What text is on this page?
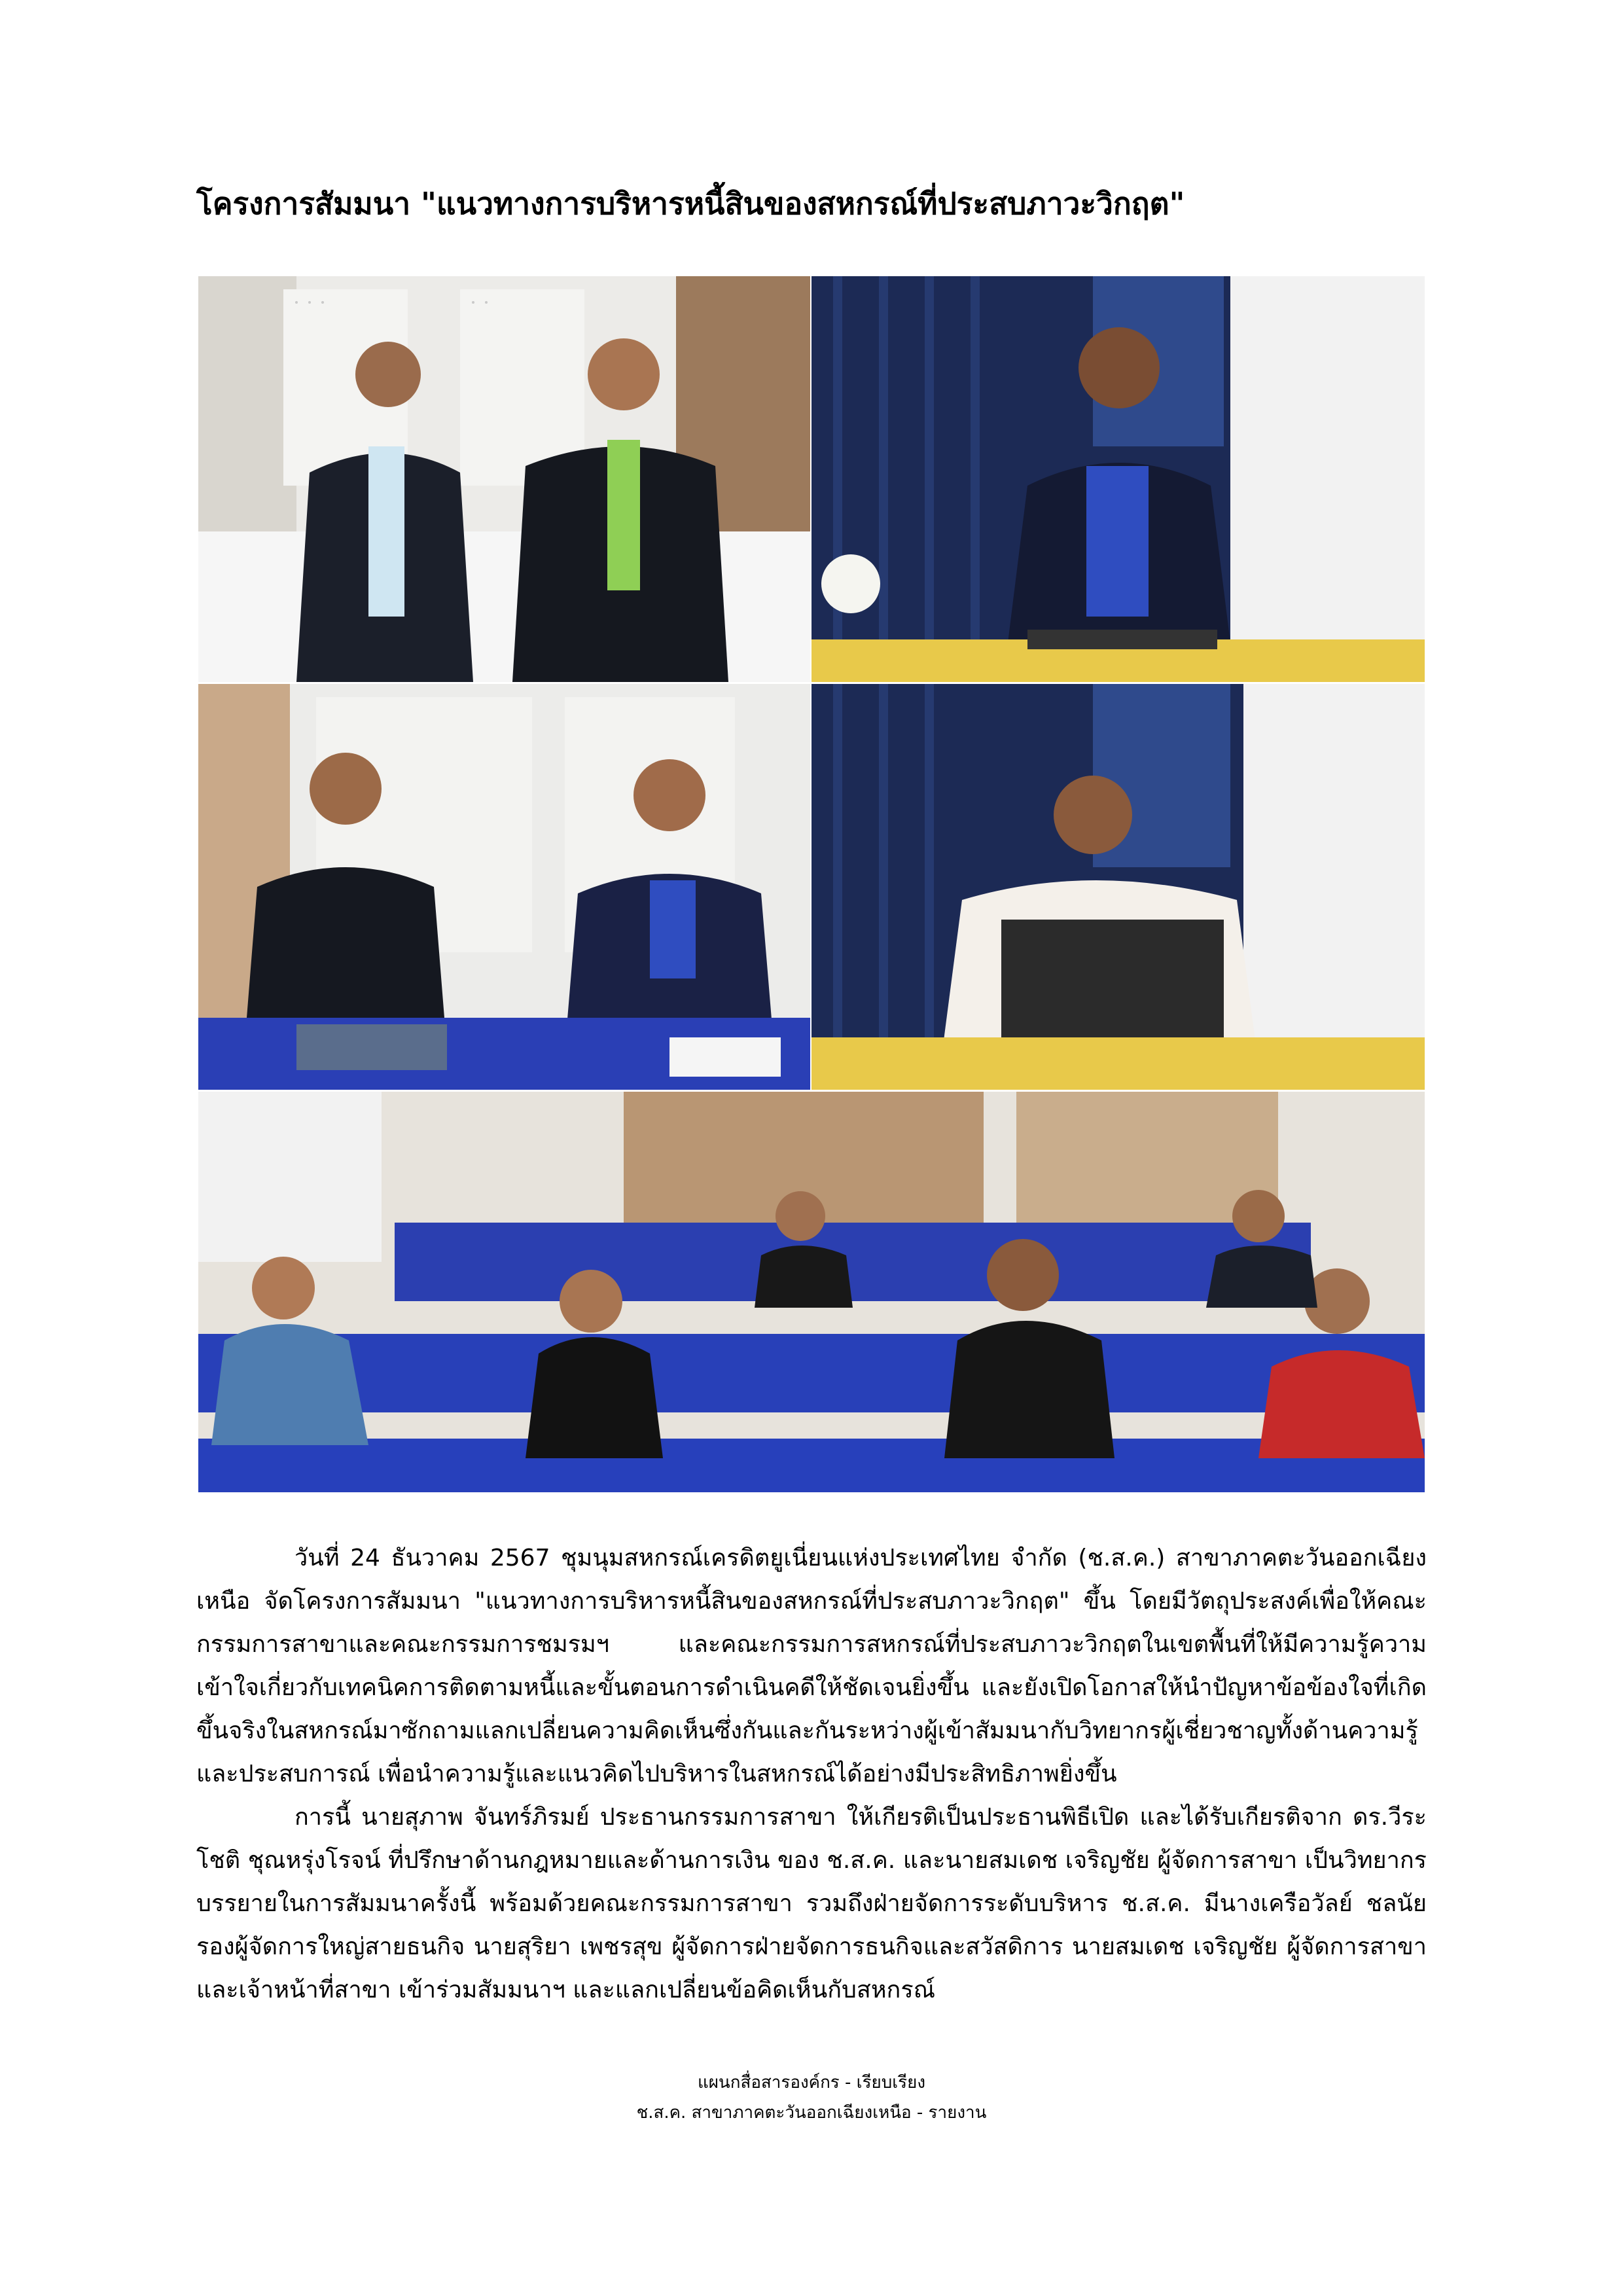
โครงการสัมมนา "แนวทางการบริหารหนี้สินของสหกรณ์ที่ประสบภาวะวิกฤต"

วันที่ 24 ธันวาคม 2567 ชุมนุมสหกรณ์เครดิตยูเนี่ยนแห่งประเทศไทย จำกัด (ช.ส.ค.) สาขาภาคตะวันออกเฉียงเหนือ จัดโครงการสัมมนา "แนวทางการบริหารหนี้สินของสหกรณ์ที่ประสบภาวะวิกฤต" ขึ้น โดยมีวัตถุประสงค์เพื่อให้คณะกรรมการสาขาและคณะกรรมการชมรมฯ และคณะกรรมการสหกรณ์ที่ประสบภาวะวิกฤตในเขตพื้นที่ให้มีความรู้ความเข้าใจเกี่ยวกับเทคนิคการติดตามหนี้และขั้นตอนการดำเนินคดีให้ชัดเจนยิ่งขึ้น และยังเปิดโอกาสให้นำปัญหาข้อข้องใจที่เกิดขึ้นจริงในสหกรณ์มาซักถามแลกเปลี่ยนความคิดเห็นซึ่งกันและกันระหว่างผู้เข้าสัมมนากับวิทยากรผู้เชี่ยวชาญทั้งด้านความรู้และประสบการณ์ เพื่อนำความรู้และแนวคิดไปบริหารในสหกรณ์ได้อย่างมีประสิทธิภาพยิ่งขึ้น

การนี้ นายสุภาพ จันทร์ภิรมย์ ประธานกรรมการสาขา ให้เกียรติเป็นประธานพิธีเปิด และได้รับเกียรติจาก ดร.วีระโชติ ชุณหรุ่งโรจน์ ที่ปรึกษาด้านกฎหมายและด้านการเงิน ของ ช.ส.ค. และนายสมเดช เจริญชัย ผู้จัดการสาขา เป็นวิทยากรบรรยายในการสัมมนาครั้งนี้ พร้อมด้วยคณะกรรมการสาขา รวมถึงฝ่ายจัดการระดับบริหาร ช.ส.ค. มีนางเครือวัลย์ ชลนัย รองผู้จัดการใหญ่สายธนกิจ นายสุริยา เพชรสุข ผู้จัดการฝ่ายจัดการธนกิจและสวัสดิการ นายสมเดช เจริญชัย ผู้จัดการสาขา และเจ้าหน้าที่สาขา เข้าร่วมสัมมนาฯ และแลกเปลี่ยนข้อคิดเห็นกับสหกรณ์

แผนกสื่อสารองค์กร - เรียบเรียง
ช.ส.ค. สาขาภาคตะวันออกเฉียงเหนือ - รายงาน
